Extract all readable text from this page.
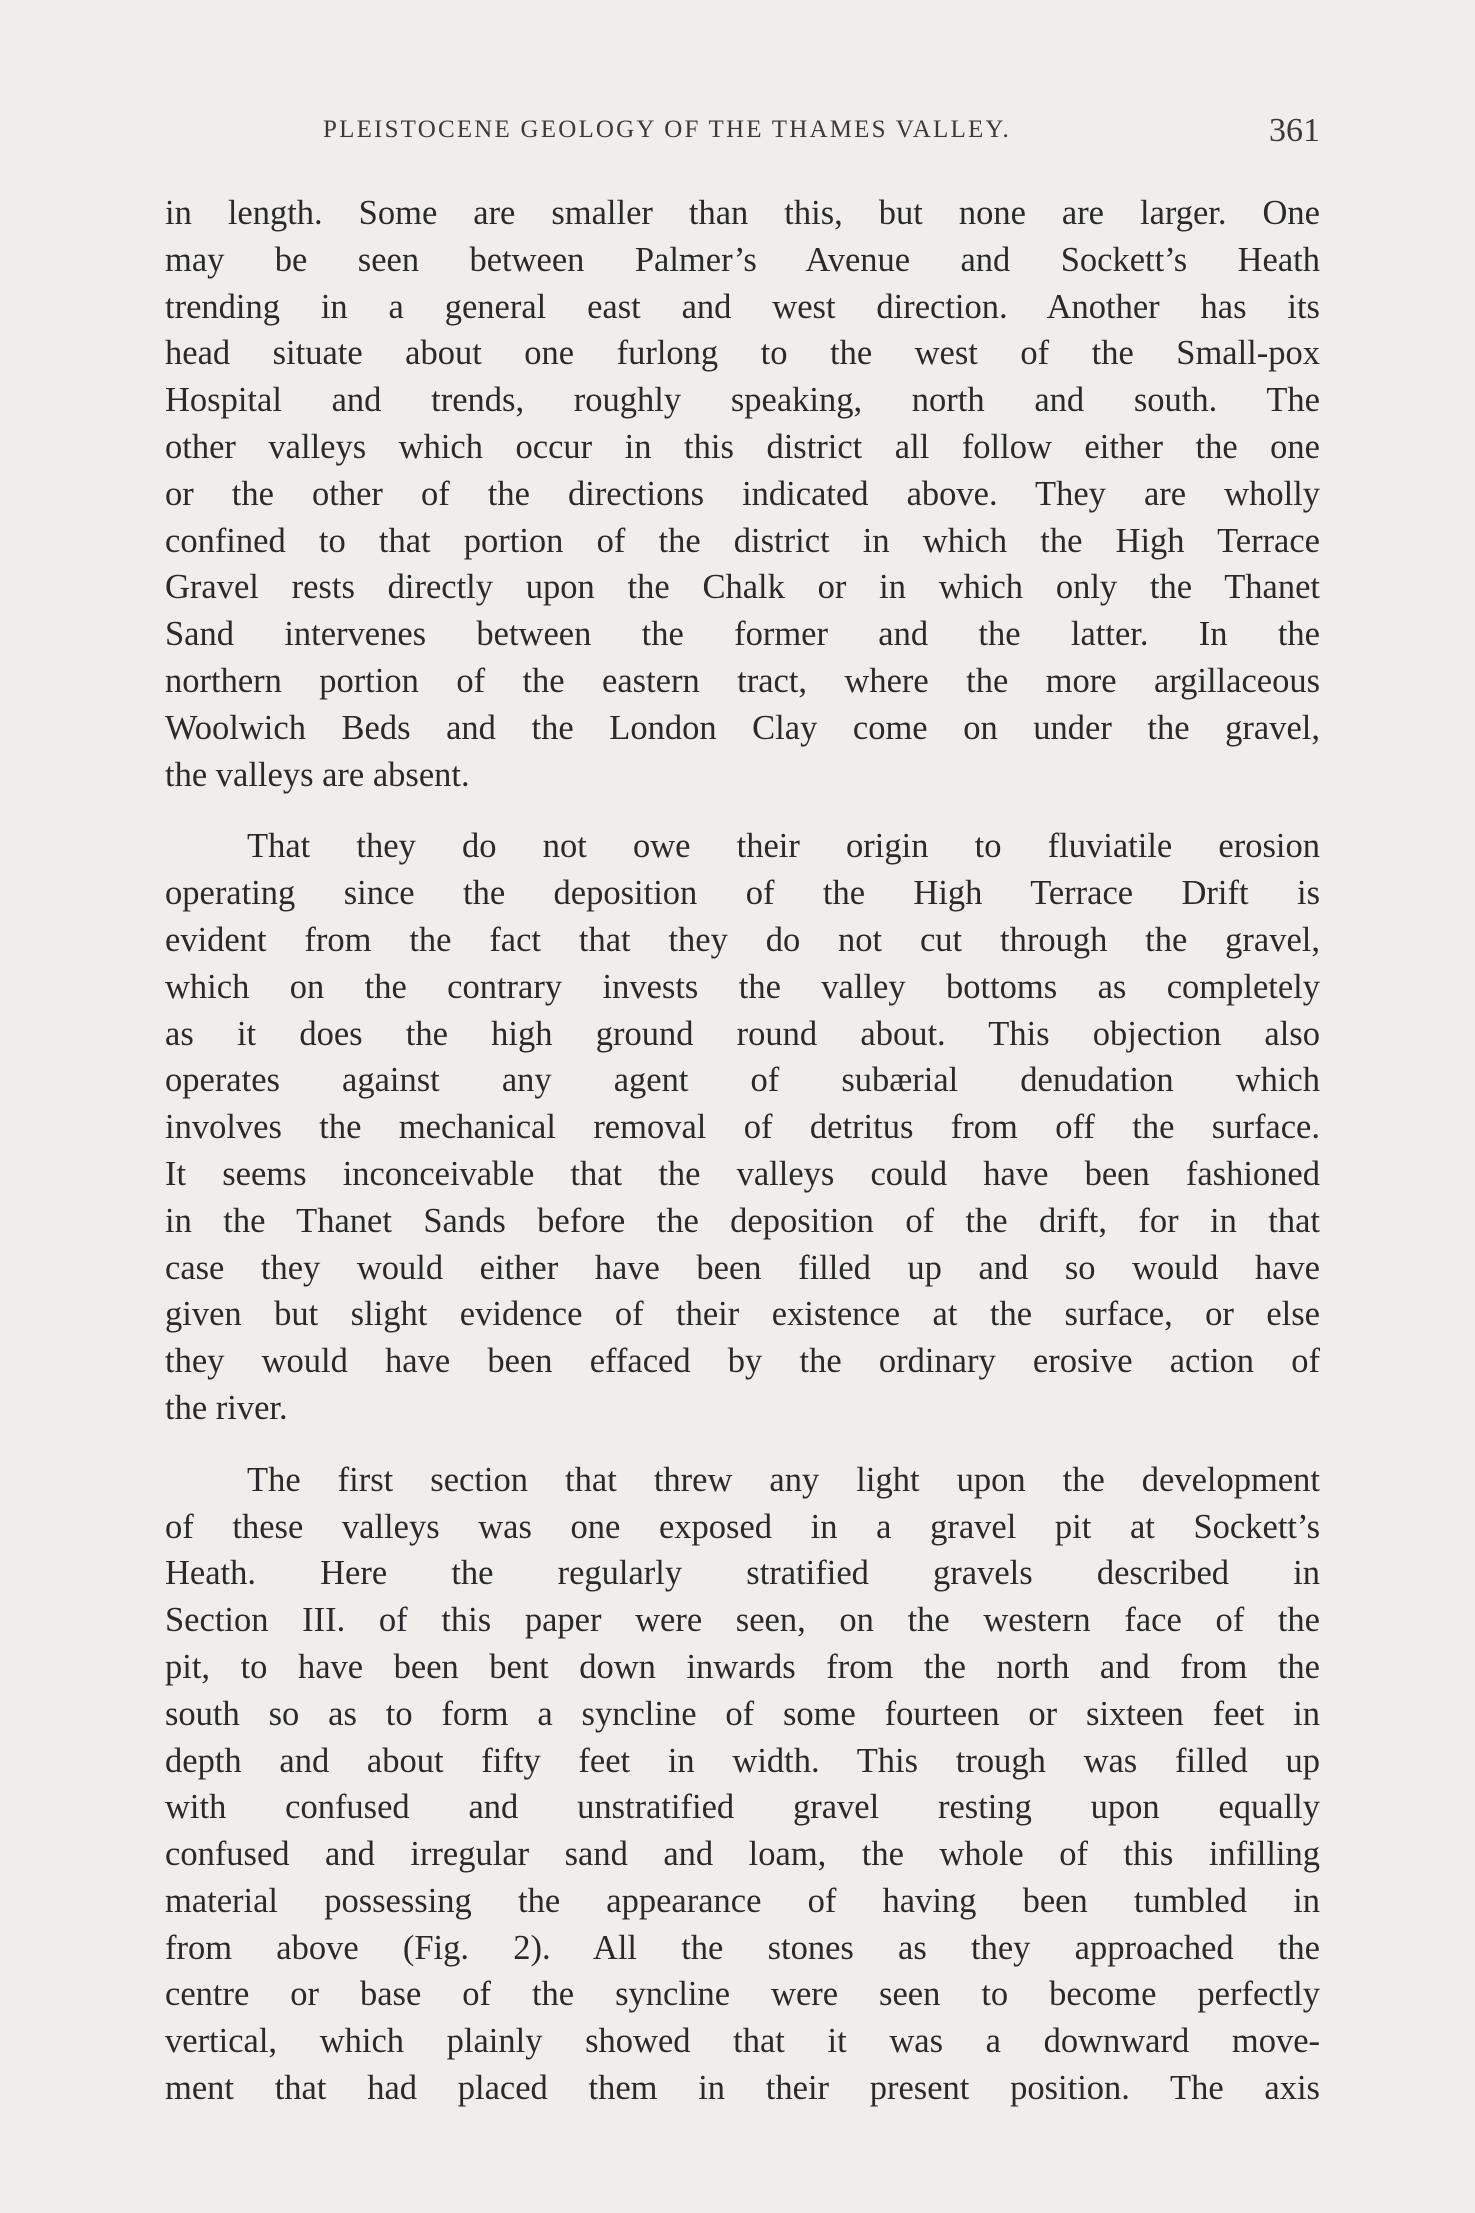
PLEISTOCENE GEOLOGY OF THE THAMES VALLEY.	361
in length. Some are smaller than this, but none are larger. One
may be seen between Palmer’s Avenue and Sockett’s Heath
trending in a general east and west direction. Another has its
head situate about one furlong to the west of the Small-pox
Hospital and trends, roughly speaking, north and south. The
other valleys which occur in this district all follow either the one
or the other of the directions indicated above. They are wholly
confined to that portion of the district in which the High Terrace
Gravel rests directly upon the Chalk or in which only the Thanet
Sand intervenes between the former and the latter. In the
northern portion of the eastern tract, where the more argillaceous
Woolwich Beds and the London Clay come on under the gravel,
the valleys are absent.
That they do not owe their origin to fluviatile erosion
operating since the deposition of the High Terrace Drift is
evident from the fact that they do not cut through the gravel,
which on the contrary invests the valley bottoms as completely
as it does the high ground round about. This objection also
operates against any agent of subærial denudation which
involves the mechanical removal of detritus from off the surface.
It seems inconceivable that the valleys could have been fashioned
in the Thanet Sands before the deposition of the drift, for in that
case they would either have been filled up and so would have
given but slight evidence of their existence at the surface, or else
they would have been effaced by the ordinary erosive action of
the river.
The first section that threw any light upon the development
of these valleys was one exposed in a gravel pit at Sockett’s
Heath. Here the regularly stratified gravels described in
Section III. of this paper were seen, on the western face of the
pit, to have been bent down inwards from the north and from the
south so as to form a syncline of some fourteen or sixteen feet in
depth and about fifty feet in width. This trough was filled up
with confused and unstratified gravel resting upon equally
confused and irregular sand and loam, the whole of this infilling
material possessing the appearance of having been tumbled in
from above (Fig. 2). All the stones as they approached the
centre or base of the syncline were seen to become perfectly
vertical, which plainly showed that it was a downward move-
ment that had placed them in their present position. The axis
